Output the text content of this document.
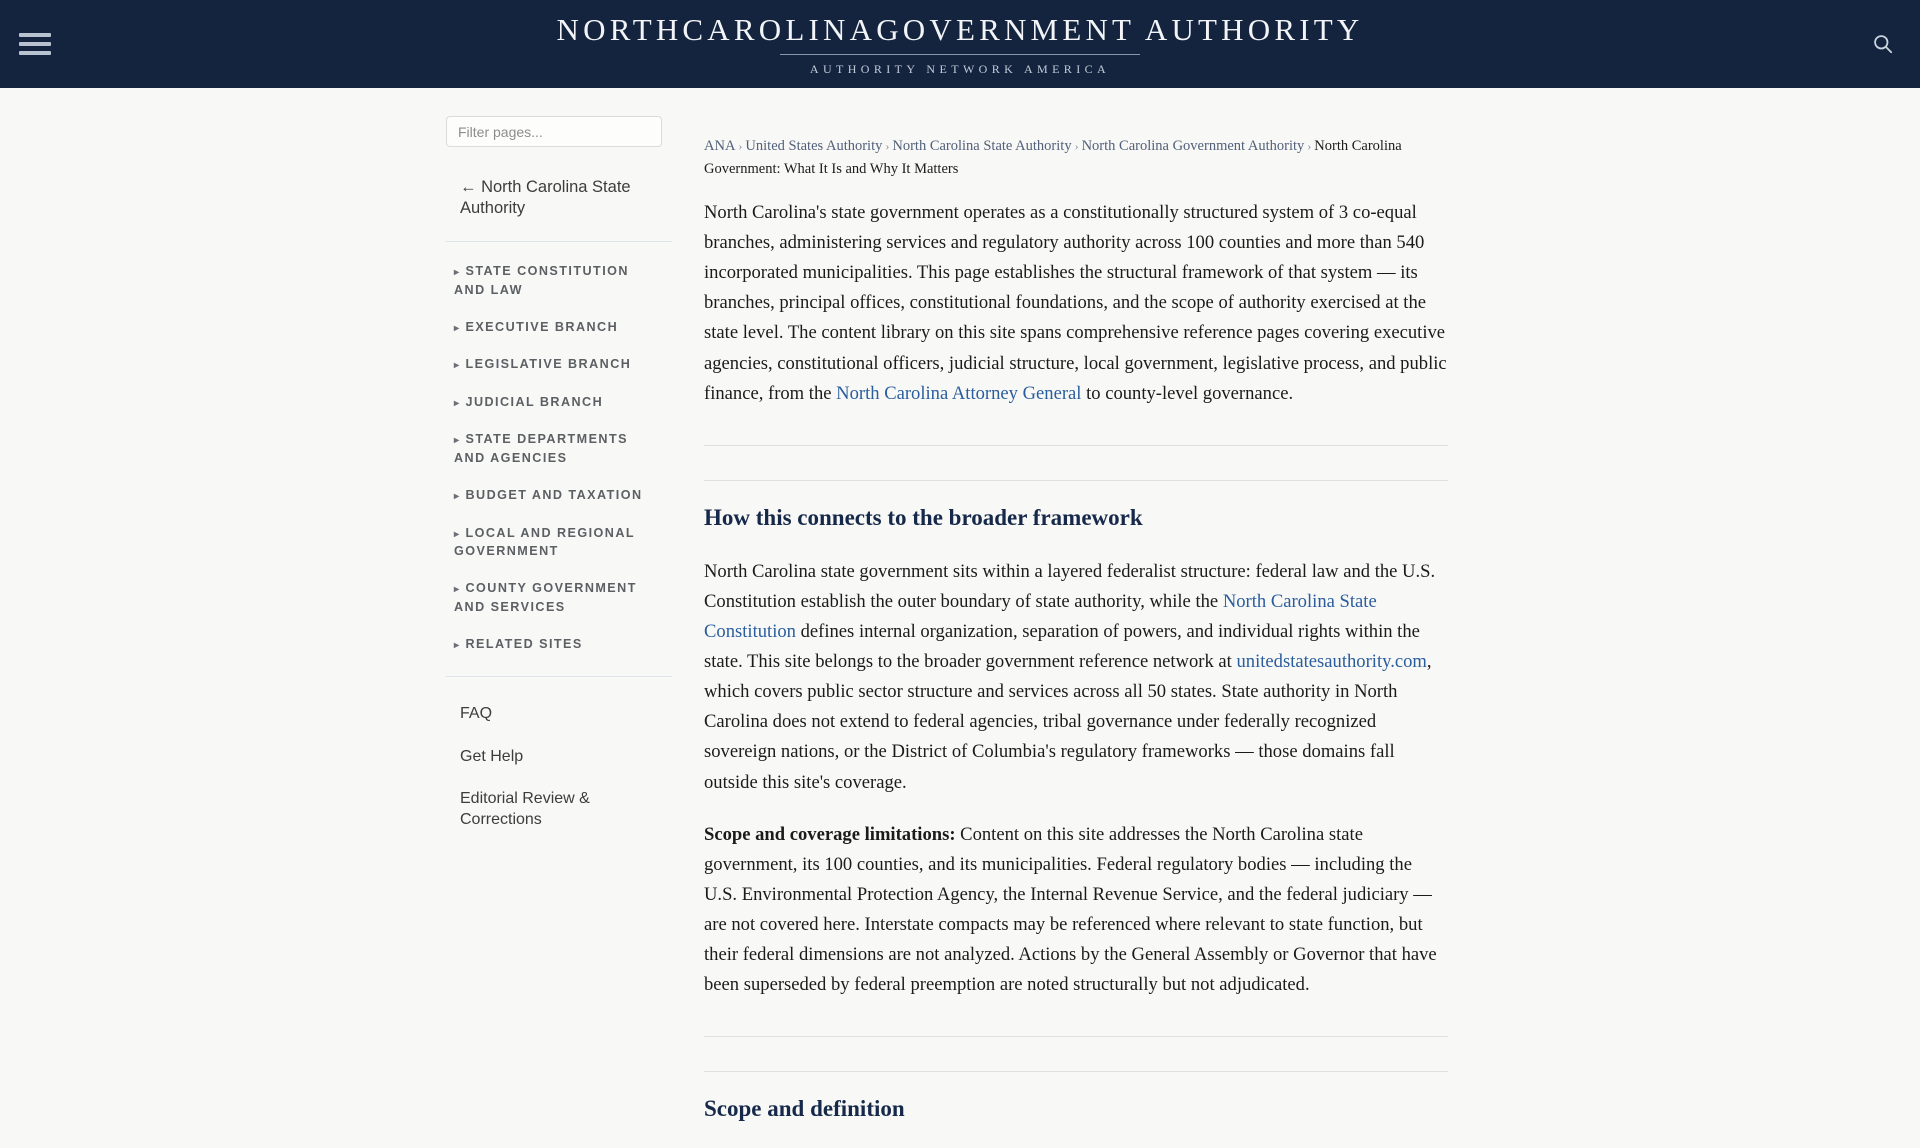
NORTHCAROLINAGOVERNMENT AUTHORITY
AUTHORITY NETWORK AMERICA
Filter pages...
← North Carolina State Authority
▸ STATE CONSTITUTION AND LAW
▸ EXECUTIVE BRANCH
▸ LEGISLATIVE BRANCH
▸ JUDICIAL BRANCH
▸ STATE DEPARTMENTS AND AGENCIES
▸ BUDGET AND TAXATION
▸ LOCAL AND REGIONAL GOVERNMENT
▸ COUNTY GOVERNMENT AND SERVICES
▸ RELATED SITES
FAQ
Get Help
Editorial Review & Corrections
ANA › United States Authority › North Carolina State Authority › North Carolina Government Authority › North Carolina Government: What It Is and Why It Matters

North Carolina's state government operates as a constitutionally structured system of 3 co-equal branches, administering services and regulatory authority across 100 counties and more than 540 incorporated municipalities. This page establishes the structural framework of that system — its branches, principal offices, constitutional foundations, and the scope of authority exercised at the state level. The content library on this site spans comprehensive reference pages covering executive agencies, constitutional officers, judicial structure, local government, legislative process, and public finance, from the North Carolina Attorney General to county-level governance.

How this connects to the broader framework

North Carolina state government sits within a layered federalist structure: federal law and the U.S. Constitution establish the outer boundary of state authority, while the North Carolina State Constitution defines internal organization, separation of powers, and individual rights within the state. This site belongs to the broader government reference network at unitedstatesauthority.com, which covers public sector structure and services across all 50 states. State authority in North Carolina does not extend to federal agencies, tribal governance under federally recognized sovereign nations, or the District of Columbia's regulatory frameworks — those domains fall outside this site's coverage.

Scope and coverage limitations: Content on this site addresses the North Carolina state government, its 100 counties, and its municipalities. Federal regulatory bodies — including the U.S. Environmental Protection Agency, the Internal Revenue Service, and the federal judiciary — are not covered here. Interstate compacts may be referenced where relevant to state function, but their federal dimensions are not analyzed. Actions by the General Assembly or Governor that have been superseded by federal preemption are noted structurally but not adjudicated.

Scope and definition
